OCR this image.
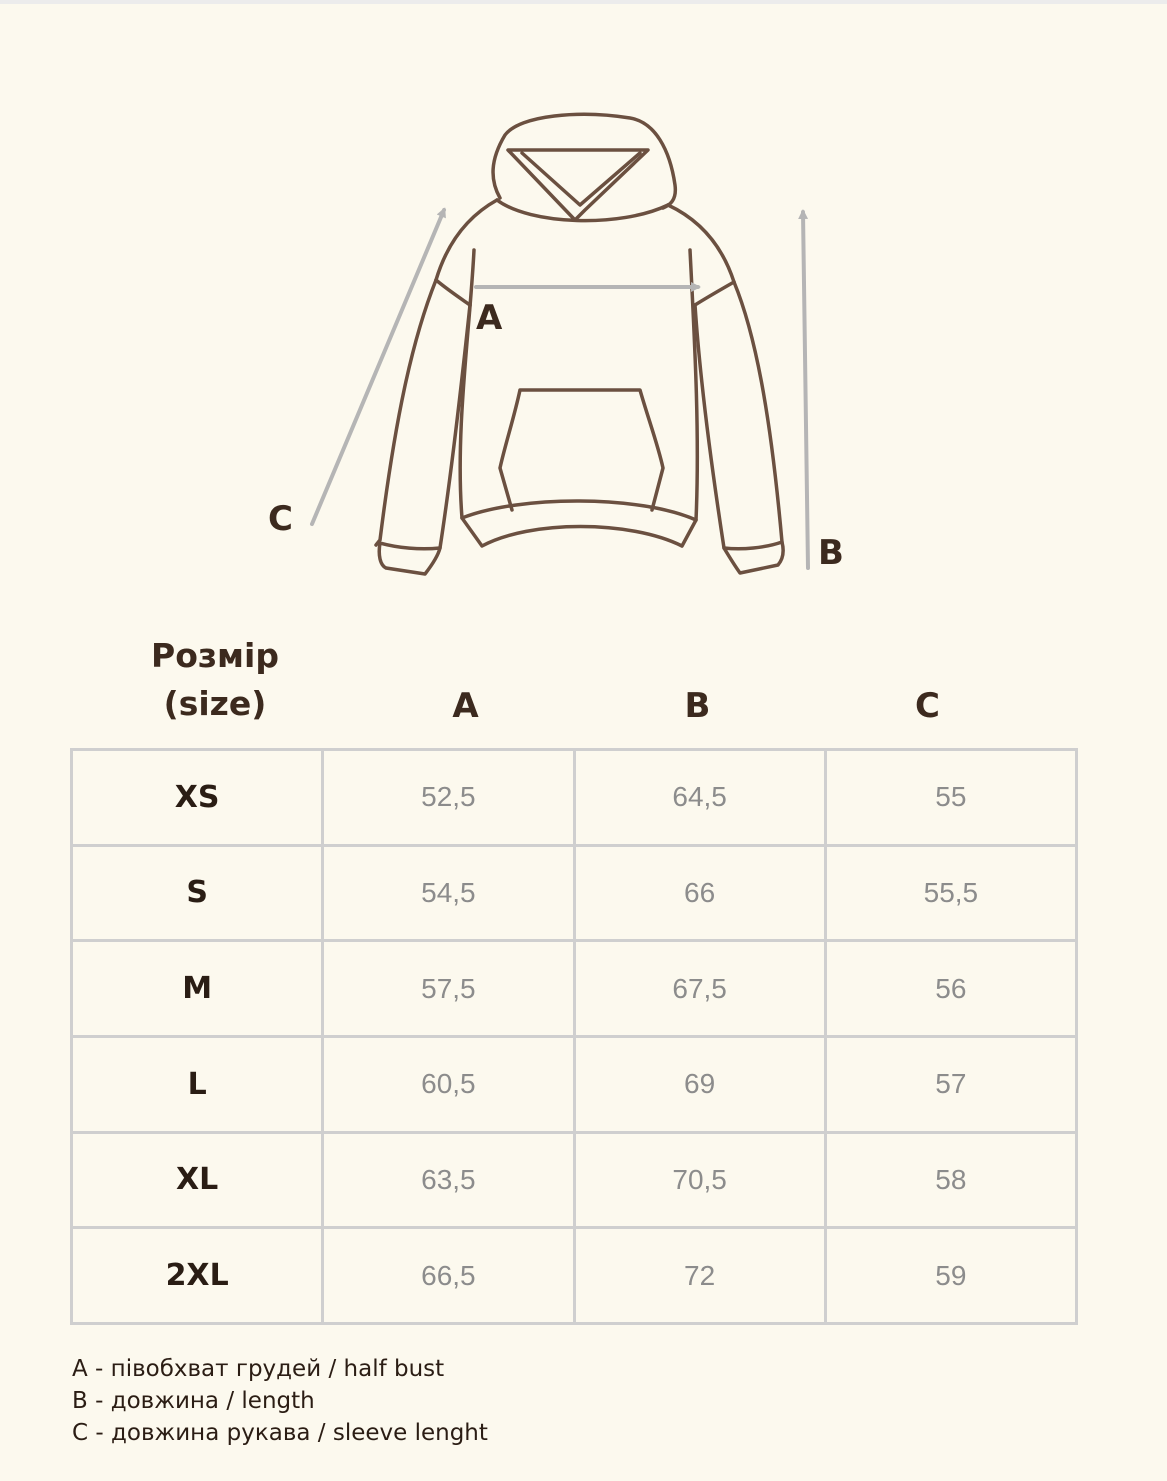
A
B
C
Розмір
(size)	A	B	C
XS	52,5	64,5	55
S	54,5	66	55,5
M	57,5	67,5	56
L	60,5	69	57
XL	63,5	70,5	58
2XL	66,5	72	59
A - півобхват грудей / half bust
B - довжина / length
C - довжина рукава / sleeve lenght
